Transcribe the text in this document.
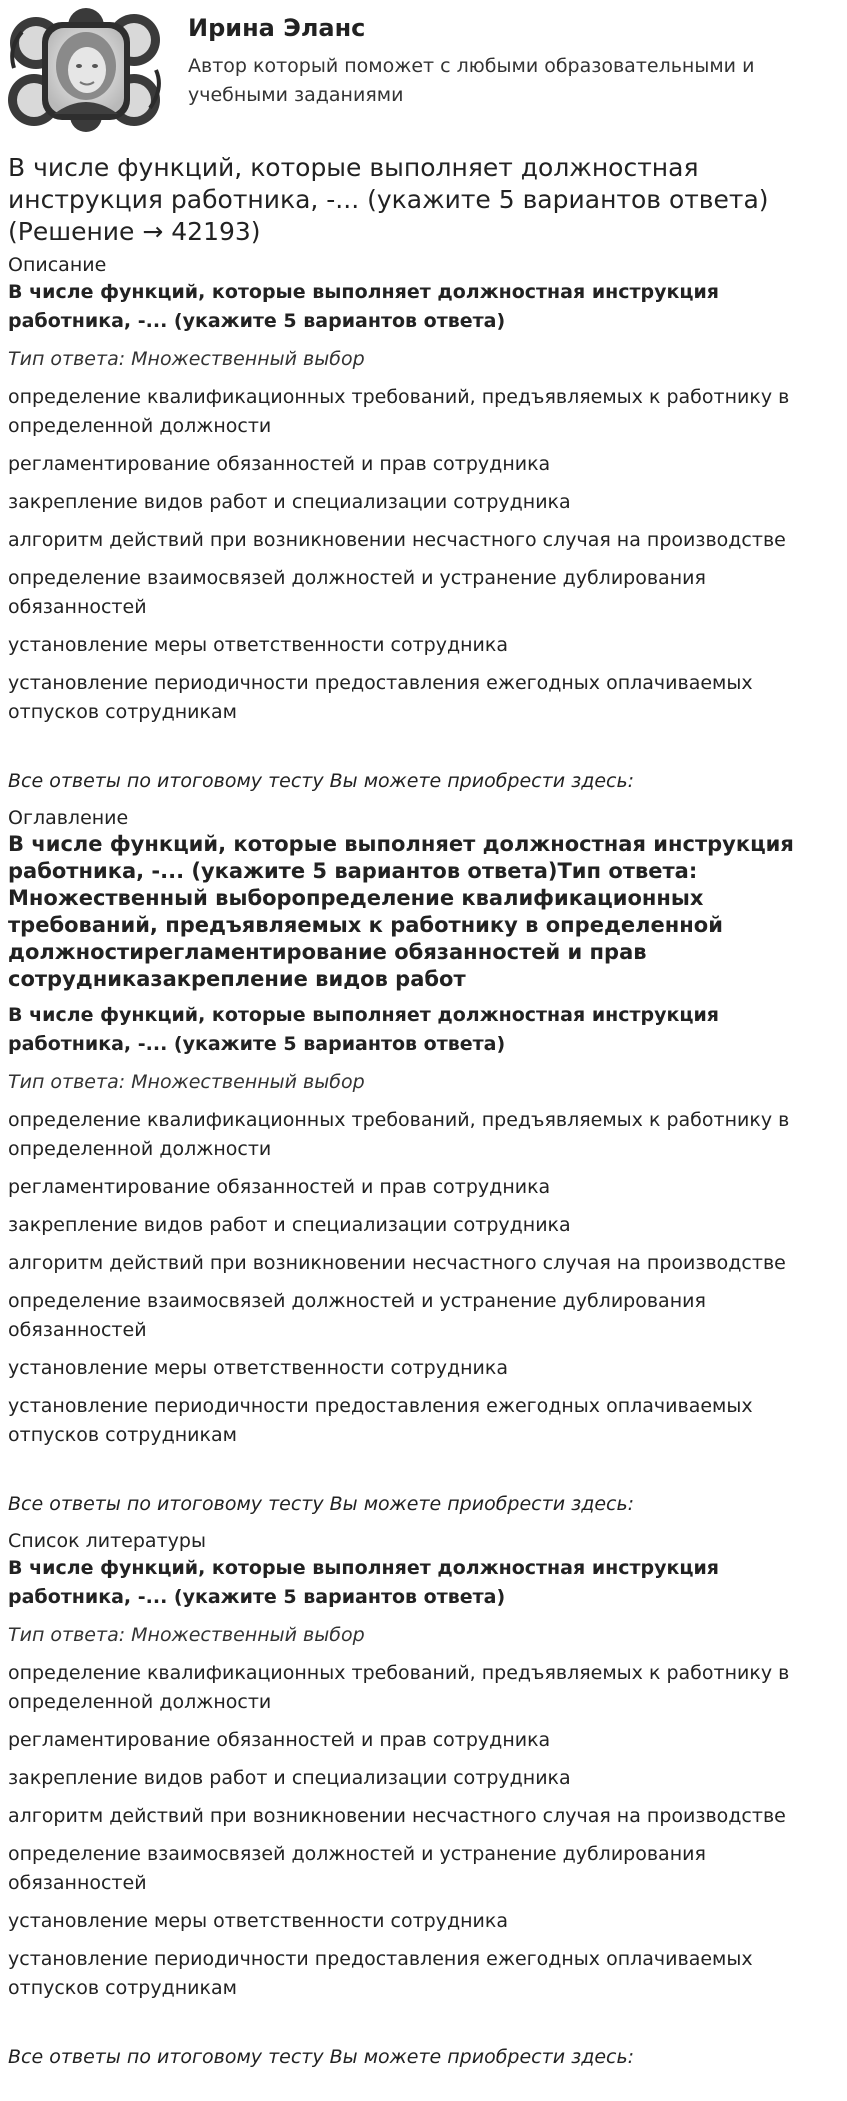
Ирина Эланс
Автор который поможет с любыми образовательными и учебными заданиями
В числе функций, которые выполняет должностная инструкция работника, -... (укажите 5 вариантов ответа) (Решение → 42193)
Описание
В числе функций, которые выполняет должностная инструкция работника, -... (укажите 5 вариантов ответа)
Тип ответа: Множественный выбор
определение квалификационных требований, предъявляемых к работнику в определенной должности
регламентирование обязанностей и прав сотрудника
закрепление видов работ и специализации сотрудника
алгоритм действий при возникновении несчастного случая на производстве
определение взаимосвязей должностей и устранение дублирования обязанностей
установление меры ответственности сотрудника
установление периодичности предоставления ежегодных оплачиваемых отпусков сотрудникам
Все ответы по итоговому тесту Вы можете приобрести здесь:
Оглавление
В числе функций, которые выполняет должностная инструкция работника, -... (укажите 5 вариантов ответа)Тип ответа: Множественный выборопределение квалификационных требований, предъявляемых к работнику в определенной должностирегламентирование обязанностей и прав сотрудниказакрепление видов работ
В числе функций, которые выполняет должностная инструкция работника, -... (укажите 5 вариантов ответа)
Тип ответа: Множественный выбор
определение квалификационных требований, предъявляемых к работнику в определенной должности
регламентирование обязанностей и прав сотрудника
закрепление видов работ и специализации сотрудника
алгоритм действий при возникновении несчастного случая на производстве
определение взаимосвязей должностей и устранение дублирования обязанностей
установление меры ответственности сотрудника
установление периодичности предоставления ежегодных оплачиваемых отпусков сотрудникам
Все ответы по итоговому тесту Вы можете приобрести здесь:
Список литературы
В числе функций, которые выполняет должностная инструкция работника, -... (укажите 5 вариантов ответа)
Тип ответа: Множественный выбор
определение квалификационных требований, предъявляемых к работнику в определенной должности
регламентирование обязанностей и прав сотрудника
закрепление видов работ и специализации сотрудника
алгоритм действий при возникновении несчастного случая на производстве
определение взаимосвязей должностей и устранение дублирования обязанностей
установление меры ответственности сотрудника
установление периодичности предоставления ежегодных оплачиваемых отпусков сотрудникам
Все ответы по итоговому тесту Вы можете приобрести здесь:
